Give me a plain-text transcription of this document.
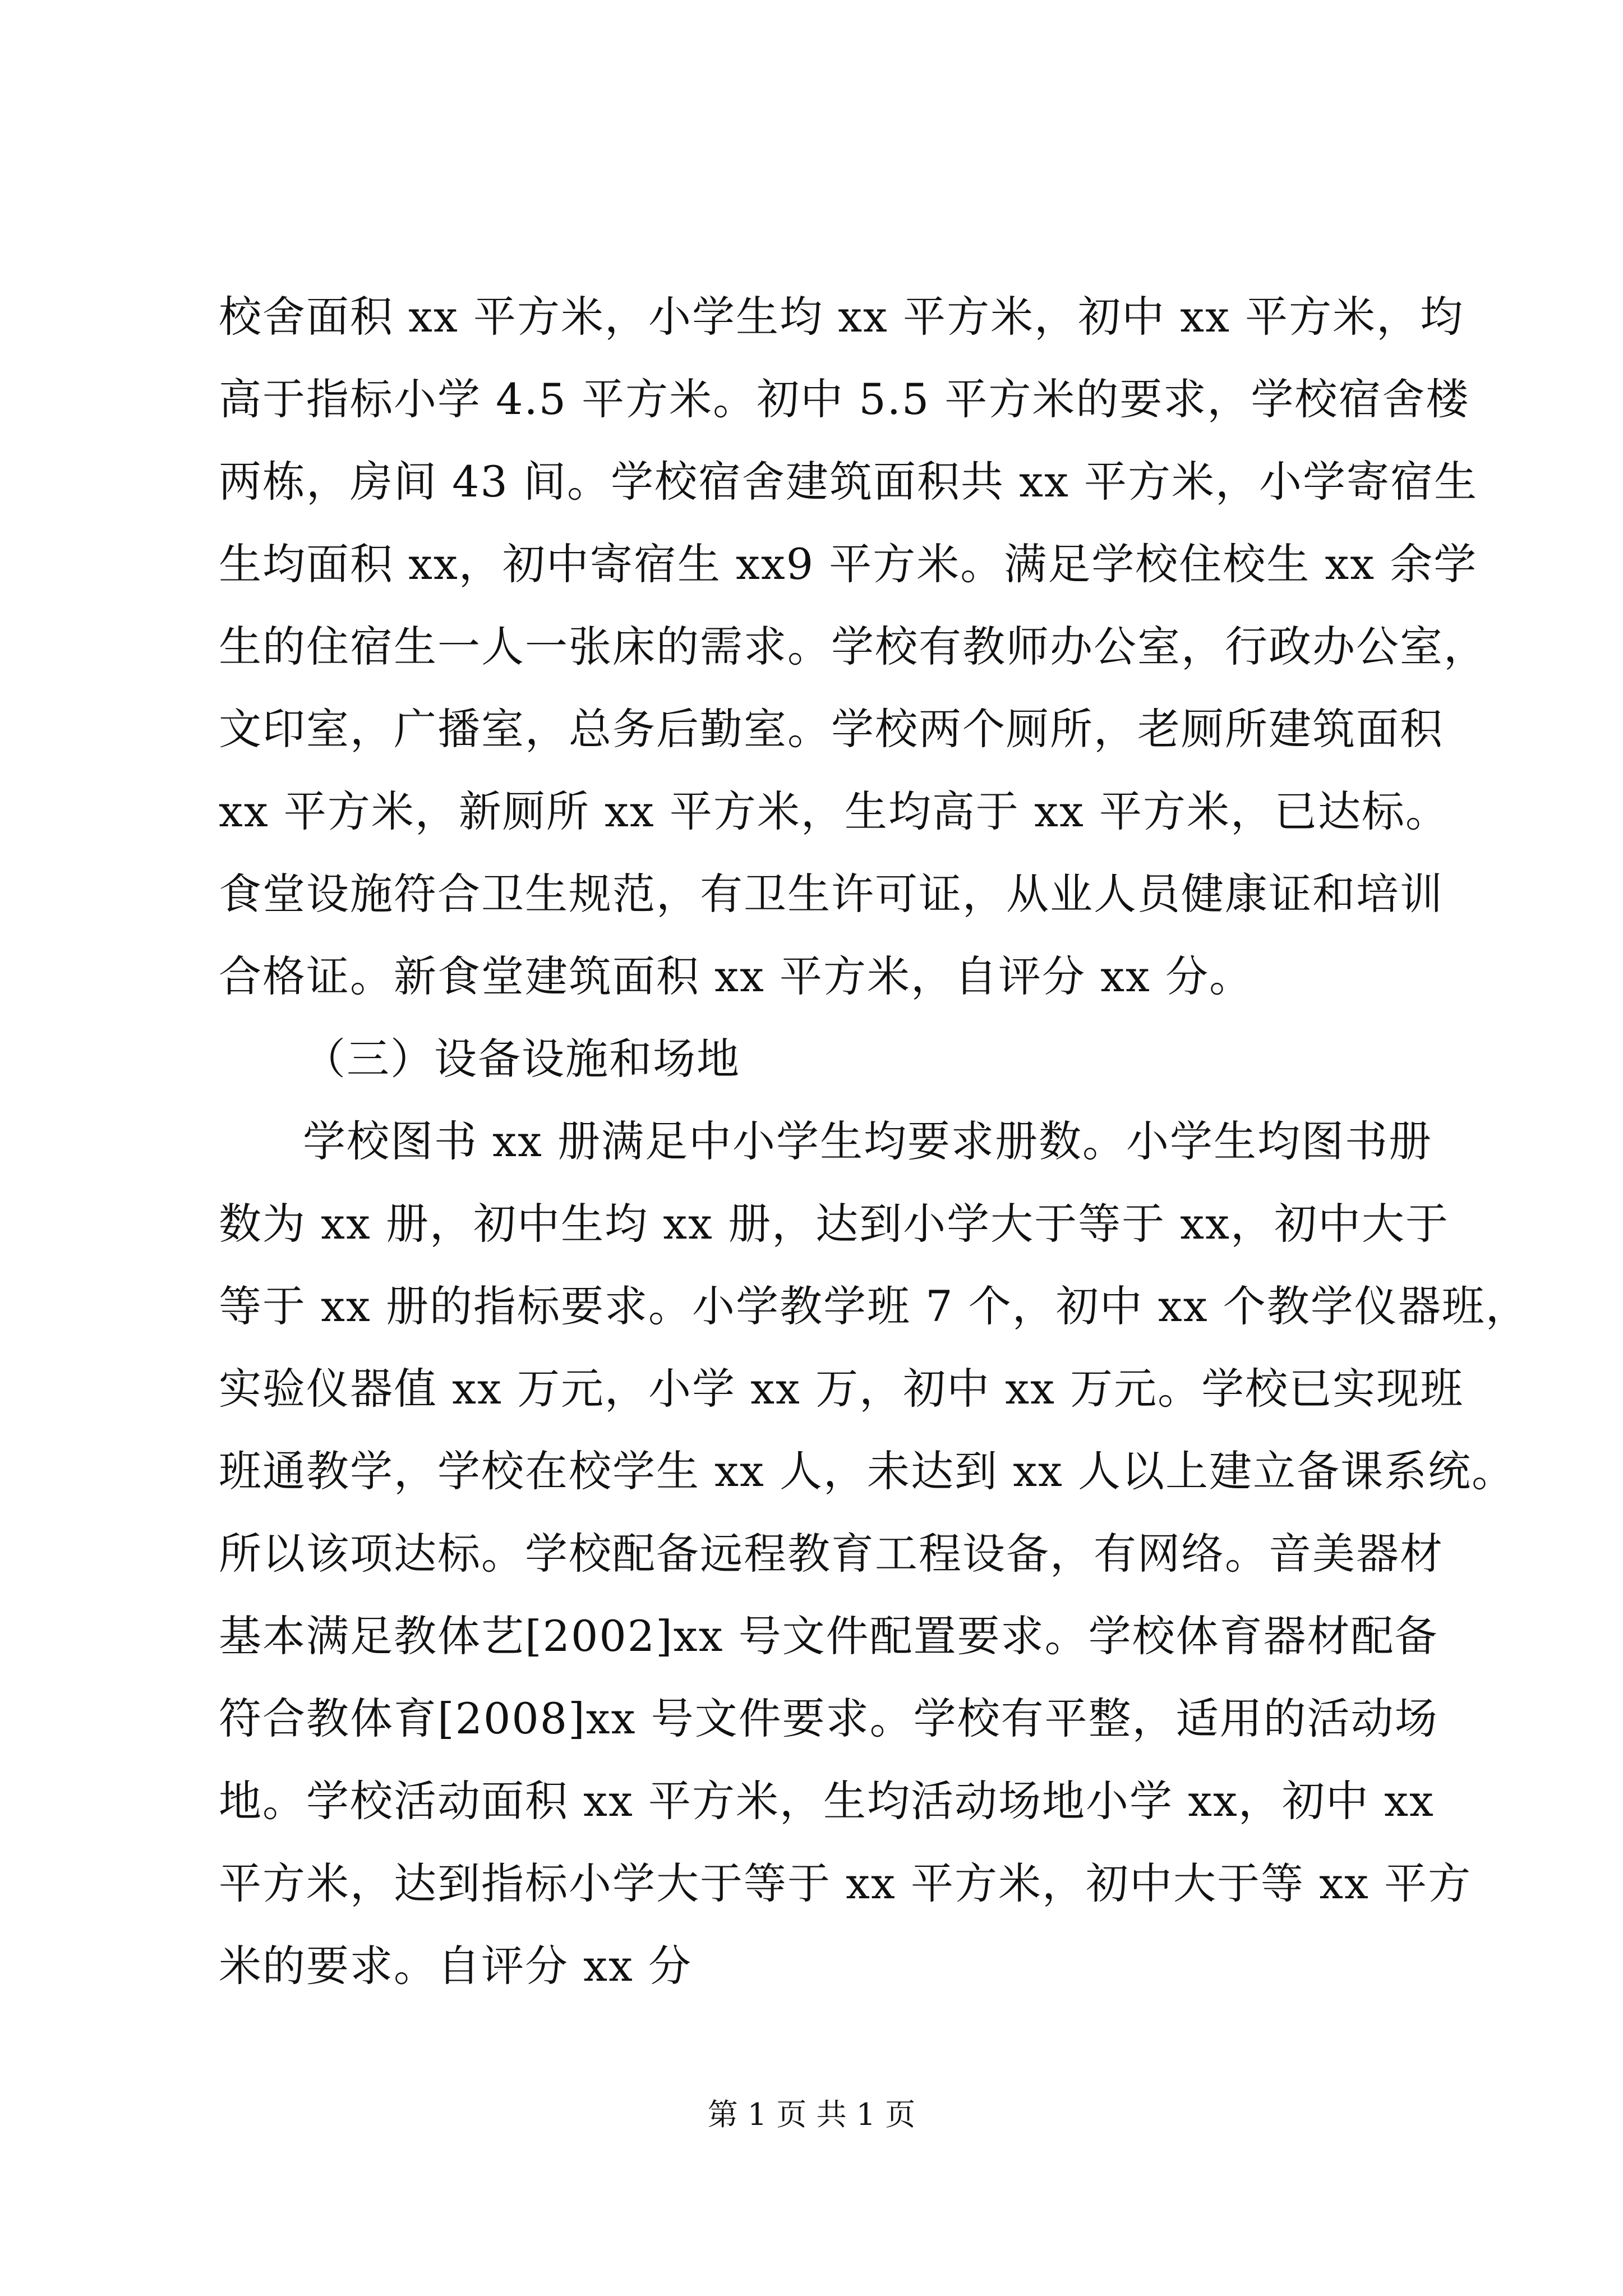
校舍面积 xx 平方米，小学生均 xx 平方米，初中 xx 平方米，均
高于指标小学 4.5 平方米。初中 5.5 平方米的要求，学校宿舍楼
两栋，房间 43 间。学校宿舍建筑面积共 xx 平方米，小学寄宿生
生均面积 xx，初中寄宿生 xx9 平方米。满足学校住校生 xx 余学
生的住宿生一人一张床的需求。学校有教师办公室，行政办公室，
文印室，广播室，总务后勤室。学校两个厕所，老厕所建筑面积
xx 平方米，新厕所 xx 平方米，生均高于 xx 平方米，已达标。
食堂设施符合卫生规范，有卫生许可证，从业人员健康证和培训
合格证。新食堂建筑面积 xx 平方米，自评分 xx 分。
（三）设备设施和场地
学校图书 xx 册满足中小学生均要求册数。小学生均图书册
数为 xx 册，初中生均 xx 册，达到小学大于等于 xx，初中大于
等于 xx 册的指标要求。小学教学班 7 个，初中 xx 个教学仪器班，
实验仪器值 xx 万元，小学 xx 万，初中 xx 万元。学校已实现班
班通教学，学校在校学生 xx 人，未达到 xx 人以上建立备课系统。
所以该项达标。学校配备远程教育工程设备，有网络。音美器材
基本满足教体艺[2002]xx 号文件配置要求。学校体育器材配备
符合教体育[2008]xx 号文件要求。学校有平整，适用的活动场
地。学校活动面积 xx 平方米，生均活动场地小学 xx，初中 xx
平方米，达到指标小学大于等于 xx 平方米，初中大于等 xx 平方
米的要求。自评分 xx 分
第 1 页 共 1 页
